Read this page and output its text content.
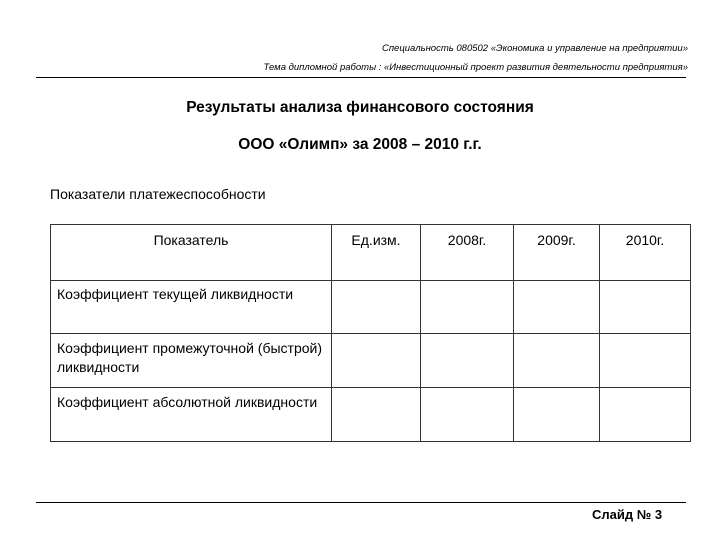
Специальность 080502 «Экономика и управление на предприятии»
Тема дипломной работы : «Инвестиционный проект развития деятельности предприятия»
Результаты анализа финансового состояния
ООО «Олимп» за 2008 – 2010 г.г.
Показатели платежеспособности
Показатель	Ед.изм.	2008г.	2009г.	2010г.
Коэффициент текущей ликвидности				
Коэффициент промежуточной (быстрой) ликвидности				
Коэффициент абсолютной ликвидности				
Слайд № 3
